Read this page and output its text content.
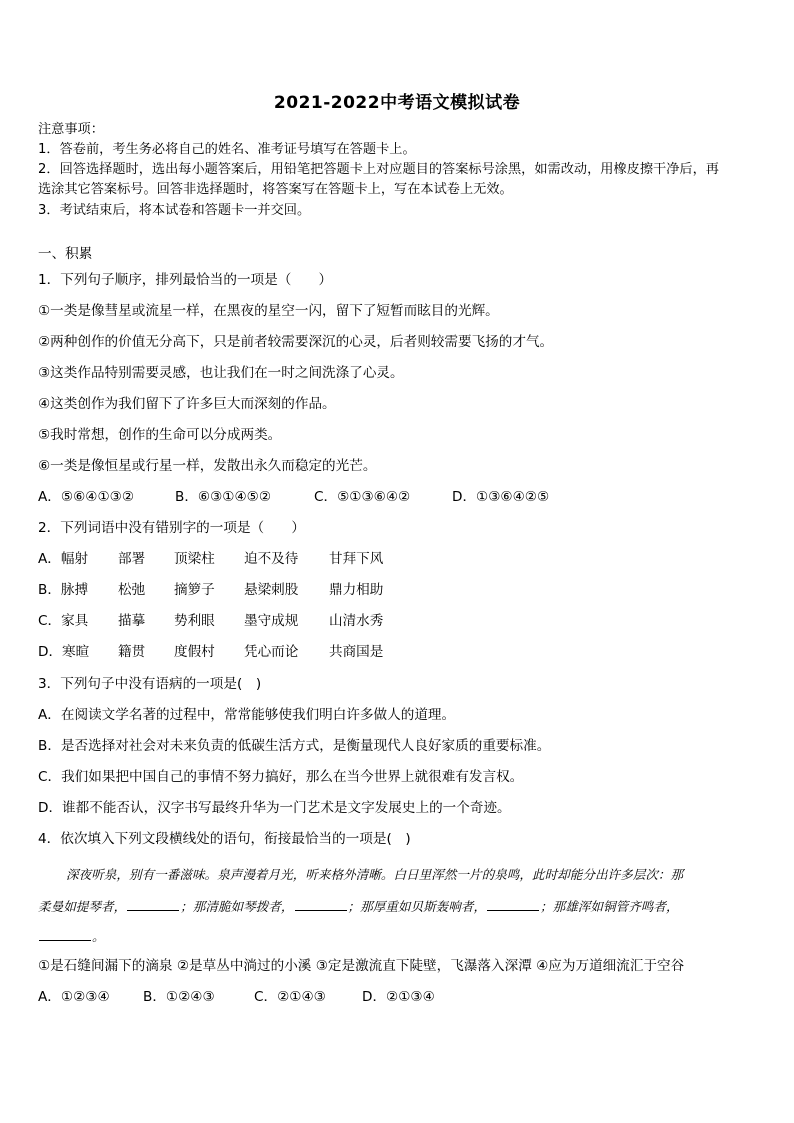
2021-2022中考语文模拟试卷
注意事项：
1．答卷前，考生务必将自己的姓名、准考证号填写在答题卡上。
2．回答选择题时，选出每小题答案后，用铅笔把答题卡上对应题目的答案标号涂黑，如需改动，用橡皮擦干净后，再
选涂其它答案标号。回答非选择题时，将答案写在答题卡上，写在本试卷上无效。
3．考试结束后，将本试卷和答题卡一并交回。
一、积累
1．下列句子顺序，排列最恰当的一项是（　　）
①一类是像彗星或流星一样，在黑夜的星空一闪，留下了短暂而眩目的光辉。
②两种创作的价值无分高下，只是前者较需要深沉的心灵，后者则较需要飞扬的才气。
③这类作品特别需要灵感，也让我们在一时之间洗涤了心灵。
④这类创作为我们留下了许多巨大而深刻的作品。
⑤我时常想，创作的生命可以分成两类。
⑥一类是像恒星或行星一样，发散出永久而稳定的光芒。
A．⑤⑥④①③②	B．⑥③①④⑤②	C．⑤①③⑥④②	D．①③⑥④②⑤
2．下列词语中没有错别字的一项是（　　）
A．幅射 部署 顶梁柱 迫不及待 甘拜下风
B．脉搏 松弛 摘箩子 悬梁刺股 鼎力相助
C．家具 描摹 势利眼 墨守成规 山清水秀
D．寒暄 籍贯 度假村 凭心而论 共商国是
3．下列句子中没有语病的一项是(　)
A．在阅读文学名著的过程中，常常能够使我们明白许多做人的道理。
B．是否选择对社会对未来负责的低碳生活方式，是衡量现代人良好家质的重要标准。
C．我们如果把中国自己的事情不努力搞好，那么在当今世界上就很难有发言权。
D．谁都不能否认，汉字书写最终升华为一门艺术是文字发展史上的一个奇迹。
4．依次填入下列文段横线处的语句，衔接最恰当的一项是(　)
深夜听泉，别有一番滋味。泉声漫着月光，听来格外清晰。白日里浑然一片的泉鸣，此时却能分出许多层次：那
柔曼如提琴者，	；那清脆如琴拨者，	；那厚重如贝斯轰响者，	；那雄浑如铜管齐鸣者，
。
①是石缝间漏下的滴泉 ②是草丛中淌过的小溪 ③定是激流直下陡壁，飞瀑落入深潭 ④应为万道细流汇于空谷
A．①②③④ B．①②④③	C．②①④③	D．②①③④
